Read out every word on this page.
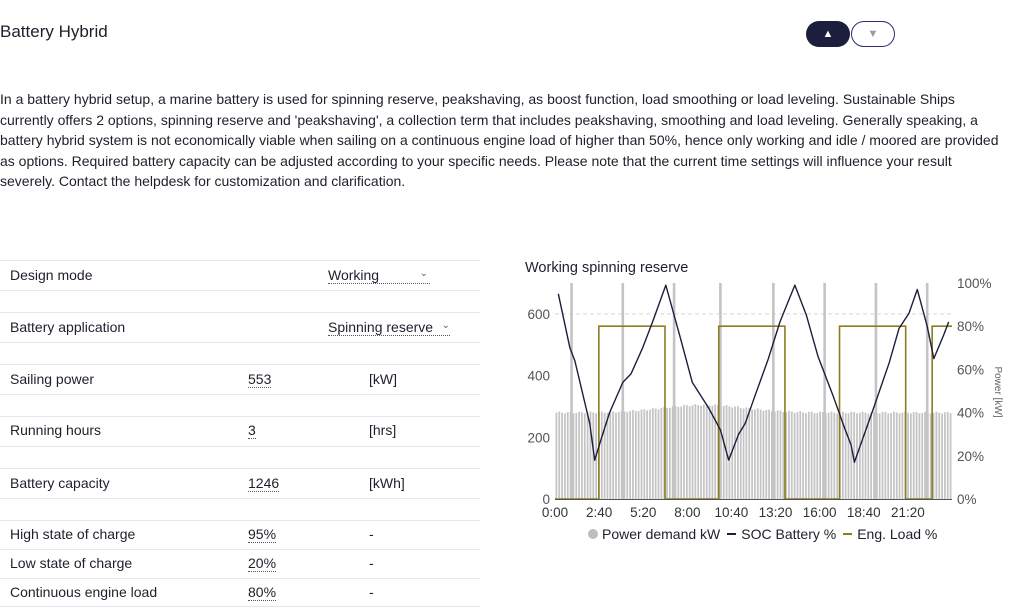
Battery Hybrid	▲	▼

In a battery hybrid setup, a marine battery is used for spinning reserve, peakshaving, as boost function, load smoothing or load leveling. Sustainable Ships currently offers 2 options, spinning reserve and 'peakshaving', a collection term that includes peakshaving, smoothing and load leveling. Generally speaking, a battery hybrid system is not economically viable when sailing on a continuous engine load of higher than 50%, hence only working and idle / moored are provided as options. Required battery capacity can be adjusted according to your specific needs. Please note that the current time settings will influence your result severely. Contact the helpdesk for customization and clarification.

Design mode	Working	⌄
Battery application	Spinning reserve ⌄
Sailing power	553	[kW]
Running hours	3	[hrs]
Battery capacity	1246	[kWh]
High state of charge	95%	-
Low state of charge	20%	-
Continuous engine load	80%	-
Working spinning reserve
0:00 2:40 5:20 8:00 10:40 13:20 16:00 18:40 21:20
0
200
400
600
0%
20%
40%
60%
80%
100%
Power [kW]
Power demand kW SOC Battery % Eng. Load %
